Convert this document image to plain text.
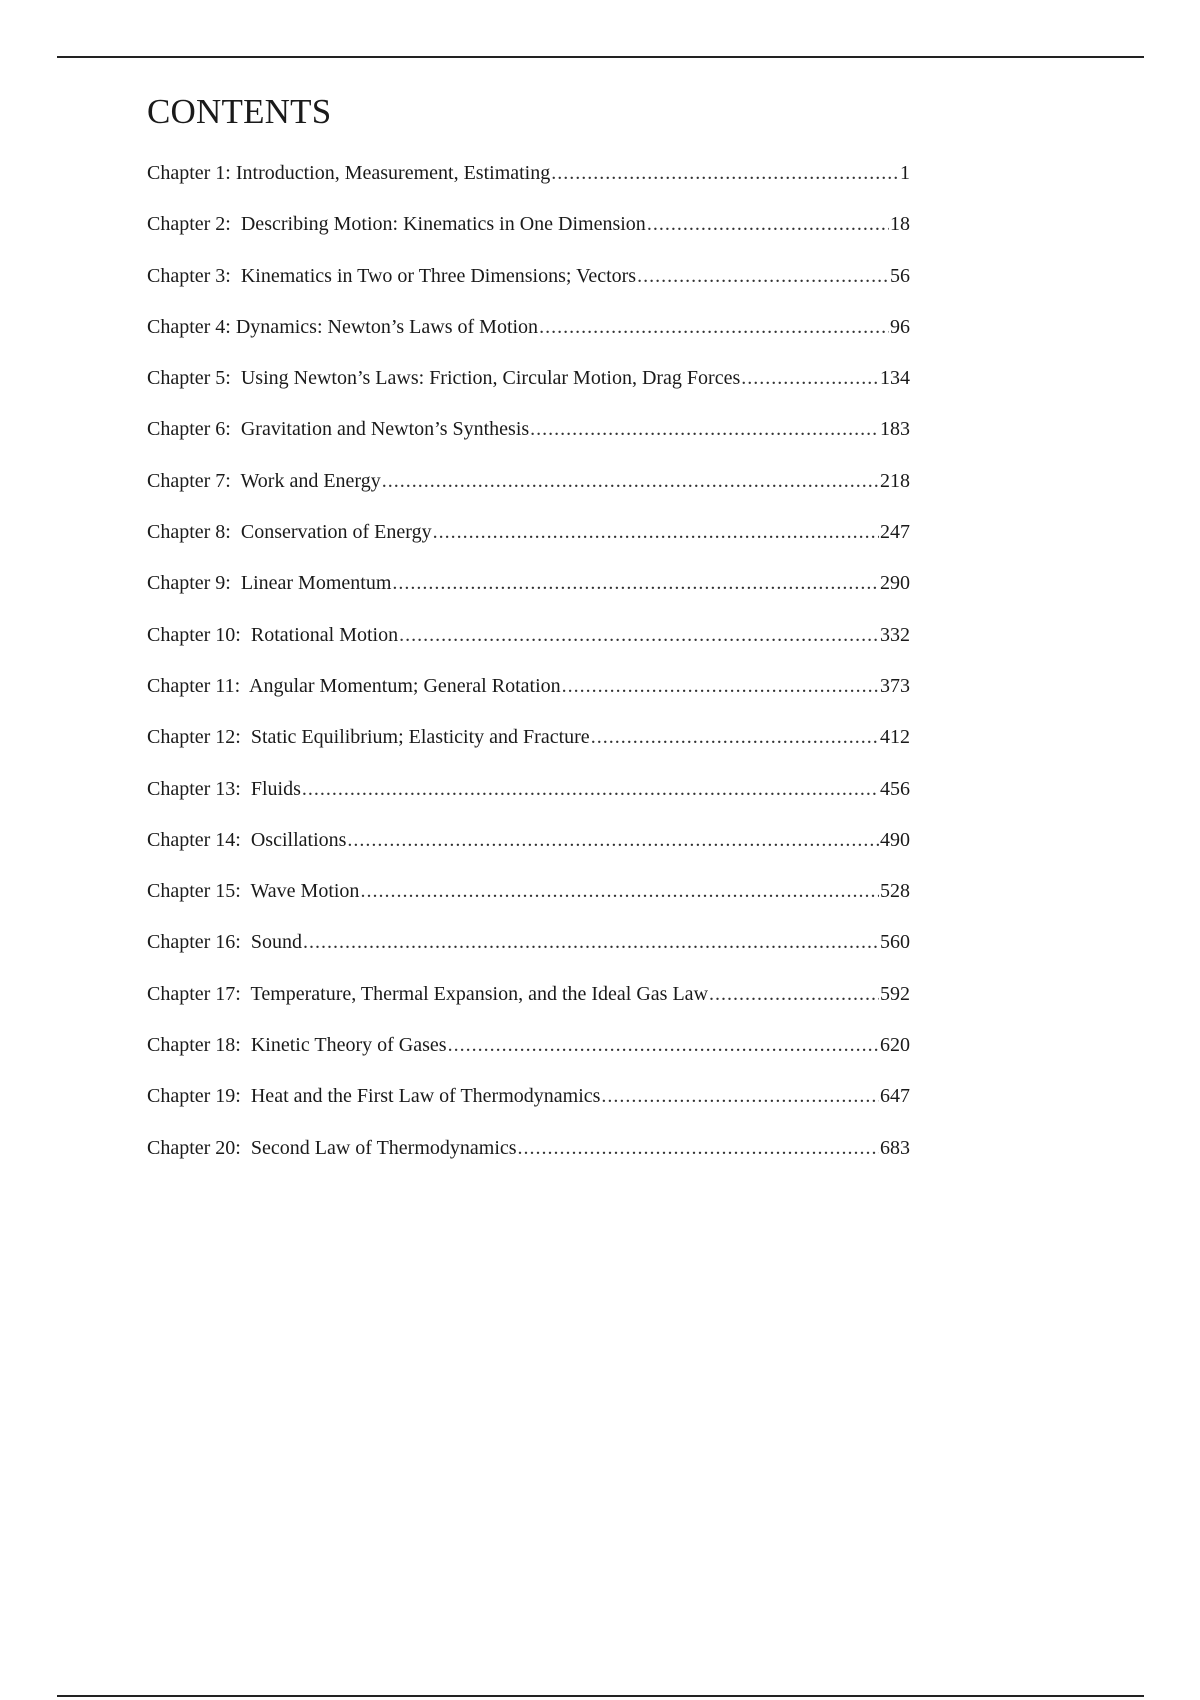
CONTENTS
Chapter 1: Introduction, Measurement, Estimating .....	1
Chapter 2:  Describing Motion: Kinematics in One Dimension .....	18
Chapter 3:  Kinematics in Two or Three Dimensions; Vectors .....	56
Chapter 4: Dynamics: Newton’s Laws of Motion .....	96
Chapter 5:  Using Newton’s Laws: Friction, Circular Motion, Drag Forces .....	134
Chapter 6:  Gravitation and Newton’s Synthesis .....	183
Chapter 7:  Work and Energy .....	218
Chapter 8:  Conservation of Energy .....	247
Chapter 9:  Linear Momentum .....	290
Chapter 10:  Rotational Motion .....	332
Chapter 11:  Angular Momentum; General Rotation .....	373
Chapter 12:  Static Equilibrium; Elasticity and Fracture .....	412
Chapter 13:  Fluids .....	456
Chapter 14:  Oscillations .....	490
Chapter 15:  Wave Motion .....	528
Chapter 16:  Sound .....	560
Chapter 17:  Temperature, Thermal Expansion, and the Ideal Gas Law .....	592
Chapter 18:  Kinetic Theory of Gases .....	620
Chapter 19:  Heat and the First Law of Thermodynamics .....	647
Chapter 20:  Second Law of Thermodynamics .....	683
